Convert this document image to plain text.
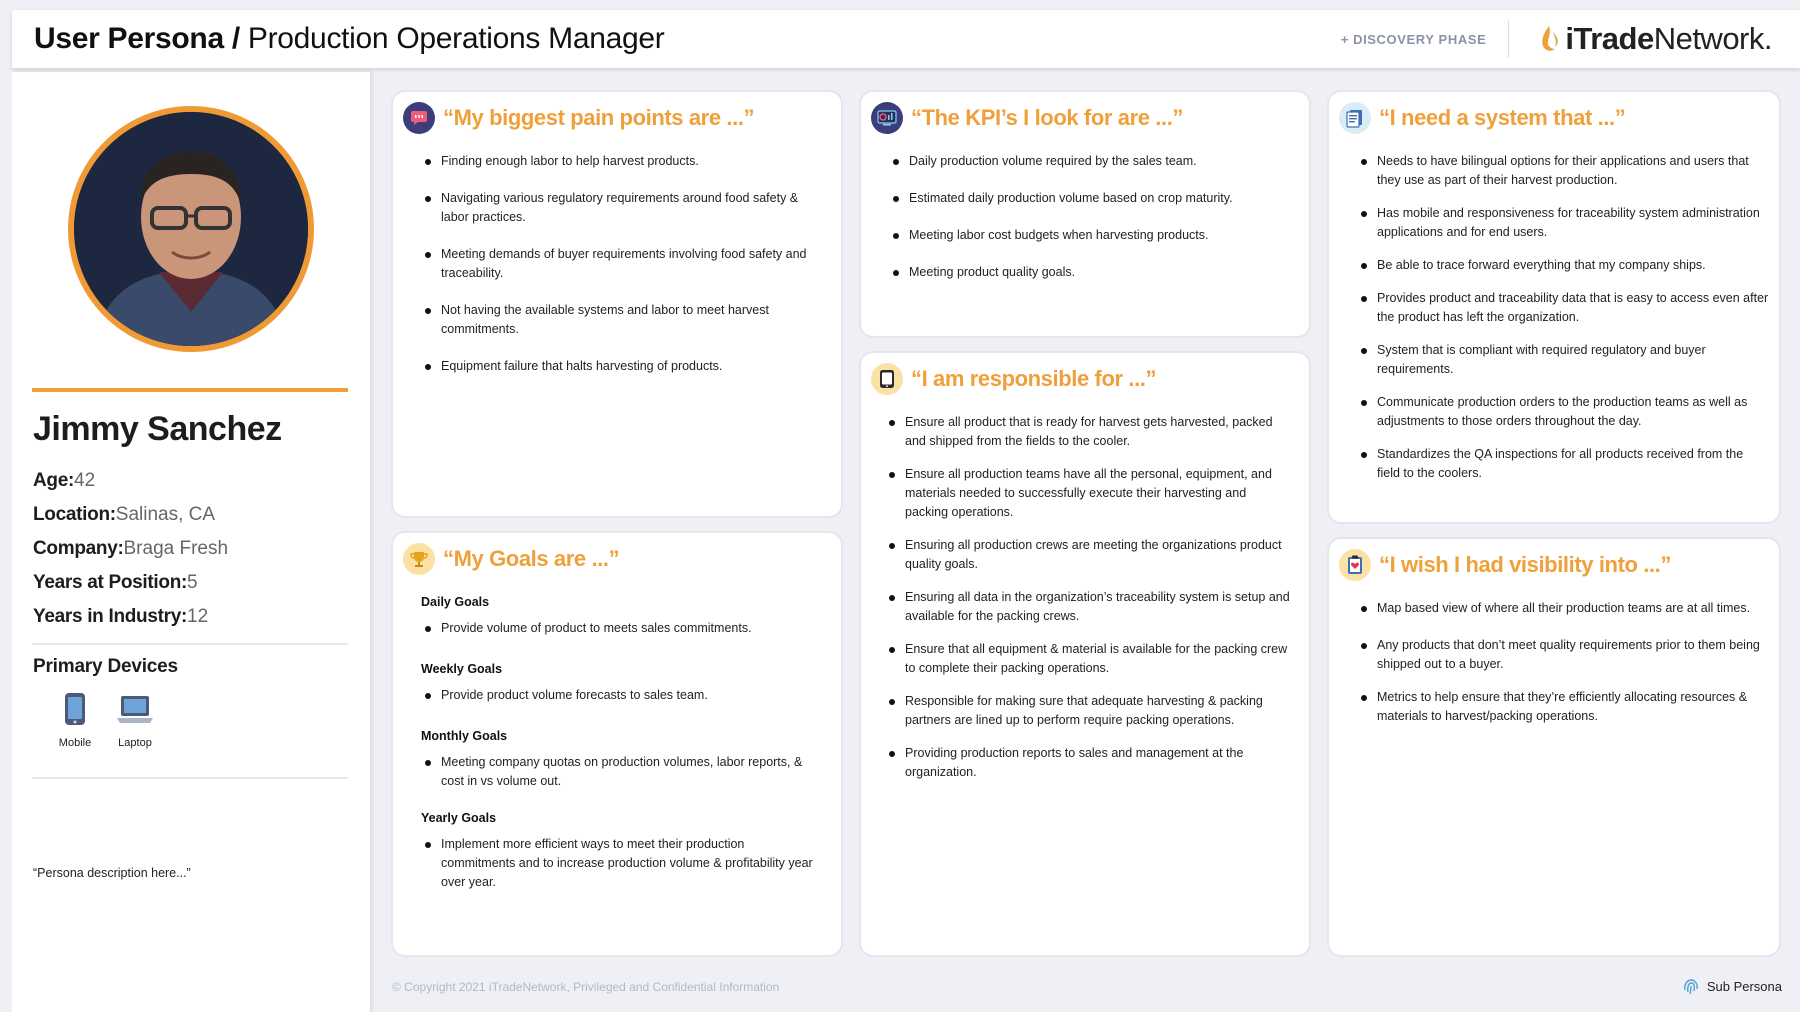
User Persona / Production Operations Manager	+ DISCOVERY PHASE	iTradeNetwork.
Jimmy Sanchez
Age:42
Location:Salinas, CA
Company:Braga Fresh
Years at Position:5
Years in Industry:12
Primary Devices
Mobile	Laptop
“Persona description here...”
“My biggest pain points are ...”
Finding enough labor to help harvest products.
Navigating various regulatory requirements around food safety & labor practices.
Meeting demands of buyer requirements involving food safety and traceability.
Not having the available systems and labor to meet harvest commitments.
Equipment failure that halts harvesting of products.
“My Goals are ...”
Daily Goals
Provide volume of product to meets sales commitments.
Weekly Goals
Provide product volume forecasts to sales team.
Monthly Goals
Meeting company quotas on production volumes, labor reports, & cost in vs volume out.
Yearly Goals
Implement more efficient ways to meet their production commitments and to increase production volume & profitability year over year.
“The KPI’s I look for are ...”
Daily production volume required by the sales team.
Estimated daily production volume based on crop maturity.
Meeting labor cost budgets when harvesting products.
Meeting product quality goals.
“I am responsible for ...”
Ensure all product that is ready for harvest gets harvested, packed and shipped from the fields to the cooler.
Ensure all production teams have all the personal, equipment, and materials needed to successfully execute their harvesting and packing operations.
Ensuring all production crews are meeting the organizations product quality goals.
Ensuring all data in the organization’s traceability system is setup and available for the packing crews.
Ensure that all equipment & material is available for the packing crew to complete their packing operations.
Responsible for making sure that adequate harvesting & packing partners are lined up to perform require packing operations.
Providing production reports to sales and management at the organization.
“I need a system that ...”
Needs to have bilingual options for their applications and users that they use as part of their harvest production.
Has mobile and responsiveness for traceability system administration applications and for end users.
Be able to trace forward everything that my company ships.
Provides product and traceability data that is easy to access even after the product has left the organization.
System that is compliant with required regulatory and buyer requirements.
Communicate production orders to the production teams as well as adjustments to those orders throughout the day.
Standardizes the QA inspections for all products received from the field to the coolers.
“I wish I had visibility into ...”
Map based view of where all their production teams are at all times.
Any products that don’t meet quality requirements prior to them being shipped out to a buyer.
Metrics to help ensure that they’re efficiently allocating resources & materials to harvest/packing operations.
© Copyright 2021 iTradeNetwork, Privileged and Confidential Information	Sub Persona
